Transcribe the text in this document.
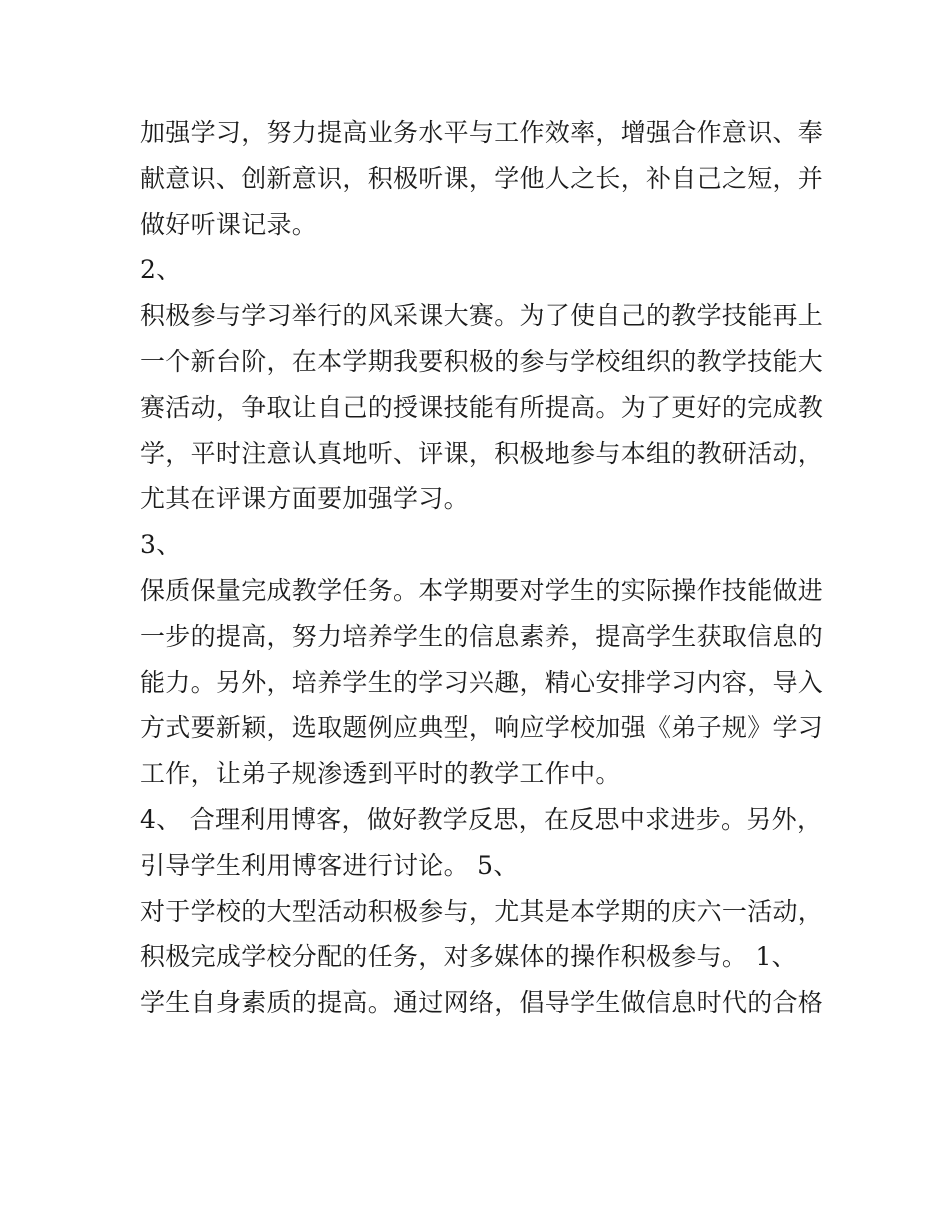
加强学习，努力提高业务水平与工作效率，增强合作意识、奉
献意识、创新意识，积极听课，学他人之长，补自己之短，并
做好听课记录。
2、
积极参与学习举行的风采课大赛。为了使自己的教学技能再上
一个新台阶，在本学期我要积极的参与学校组织的教学技能大
赛活动，争取让自己的授课技能有所提高。为了更好的完成教
学，平时注意认真地听、评课，积极地参与本组的教研活动，
尤其在评课方面要加强学习。
3、
保质保量完成教学任务。本学期要对学生的实际操作技能做进
一步的提高，努力培养学生的信息素养，提高学生获取信息的
能力。另外，培养学生的学习兴趣，精心安排学习内容，导入
方式要新颖，选取题例应典型，响应学校加强《弟子规》学习
工作，让弟子规渗透到平时的教学工作中。
4、 合理利用博客，做好教学反思，在反思中求进步。另外，
引导学生利用博客进行讨论。 5、
对于学校的大型活动积极参与，尤其是本学期的庆六一活动，
积极完成学校分配的任务，对多媒体的操作积极参与。 1、
学生自身素质的提高。通过网络，倡导学生做信息时代的合格
